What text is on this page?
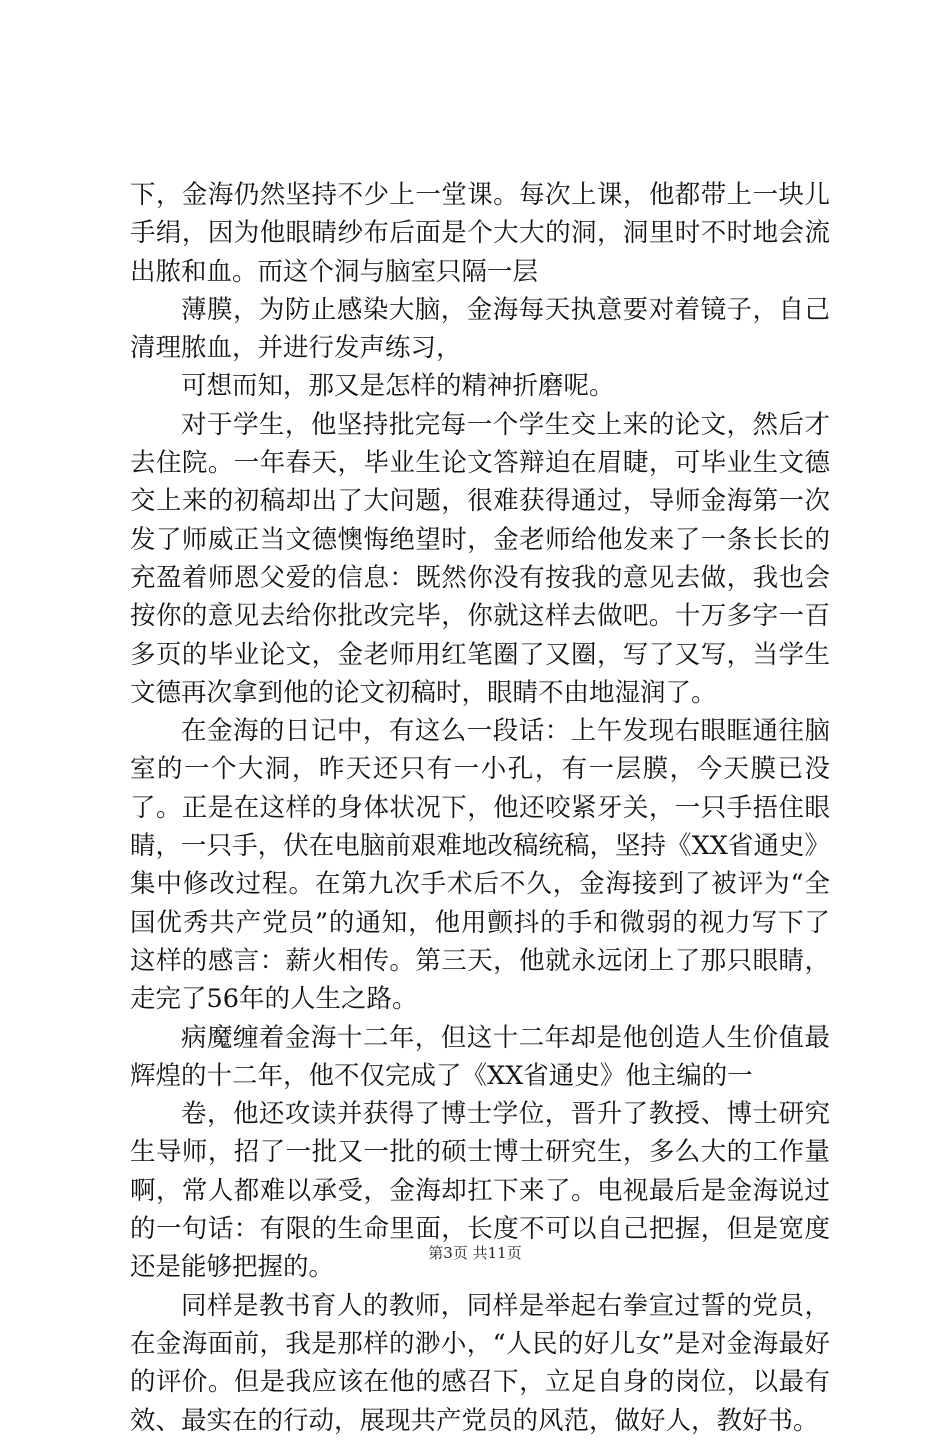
下，金海仍然坚持不少上一堂课。每次上课，他都带上一块儿手绢，因为他眼睛纱布后面是个大大的洞，洞里时不时地会流出脓和血。而这个洞与脑室只隔一层

薄膜，为防止感染大脑，金海每天执意要对着镜子，自己清理脓血，并进行发声练习，

可想而知，那又是怎样的精神折磨呢。

对于学生，他坚持批完每一个学生交上来的论文，然后才去住院。一年春天，毕业生论文答辩迫在眉睫，可毕业生文德交上来的初稿却出了大问题，很难获得通过，导师金海第一次发了师威正当文德懊悔绝望时，金老师给他发来了一条长长的充盈着师恩父爱的信息：既然你没有按我的意见去做，我也会按你的意见去给你批改完毕，你就这样去做吧。十万多字一百多页的毕业论文，金老师用红笔圈了又圈，写了又写，当学生文德再次拿到他的论文初稿时，眼睛不由地湿润了。

在金海的日记中，有这么一段话：上午发现右眼眶通往脑室的一个大洞，昨天还只有一小孔，有一层膜，今天膜已没了。正是在这样的身体状况下，他还咬紧牙关，一只手捂住眼睛，一只手，伏在电脑前艰难地改稿统稿，坚持《XX省通史》集中修改过程。在第九次手术后不久，金海接到了被评为“全国优秀共产党员”的通知，他用颤抖的手和微弱的视力写下了这样的感言：薪火相传。第三天，他就永远闭上了那只眼睛，走完了56年的人生之路。

病魔缠着金海十二年，但这十二年却是他创造人生价值最辉煌的十二年，他不仅完成了《XX省通史》他主编的一

卷，他还攻读并获得了博士学位，晋升了教授、博士研究生导师，招了一批又一批的硕士博士研究生，多么大的工作量啊，常人都难以承受，金海却扛下来了。电视最后是金海说过的一句话：有限的生命里面，长度不可以自己把握，但是宽度还是能够把握的。

同样是教书育人的教师，同样是举起右拳宣过誓的党员，在金海面前，我是那样的渺小，“人民的好儿女”是对金海最好的评价。但是我应该在他的感召下，立足自身的岗位，以最有效、最实在的行动，展现共产党员的风范，做好人，教好书。

第3页 共11页
